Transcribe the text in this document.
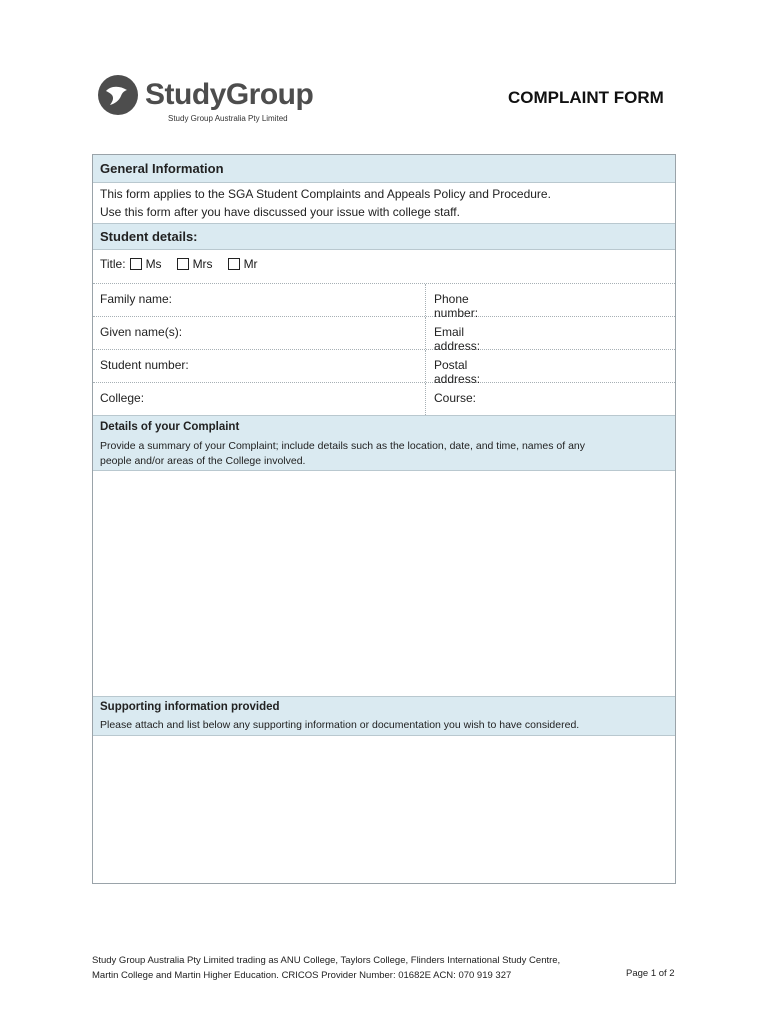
StudyGroup
Study Group Australia Pty Limited
COMPLAINT FORM
General Information
This form applies to the SGA Student Complaints and Appeals Policy and Procedure.
Use this form after you have discussed your issue with college staff.
Student details:
Title: Ms	Mrs	Mr
Family name:	Phone number:
Given name(s):	Email address:
Student number:	Postal address:
College:	Course:
Details of your Complaint
Provide a summary of your Complaint; include details such as the location, date, and time, names of any
people and/or areas of the College involved.
Supporting information provided
Please attach and list below any supporting information or documentation you wish to have considered.
Study Group Australia Pty Limited trading as ANU College, Taylors College, Flinders International Study Centre,
Martin College and Martin Higher Education. CRICOS Provider Number: 01682E ACN: 070 919 327	Page 1 of 2
